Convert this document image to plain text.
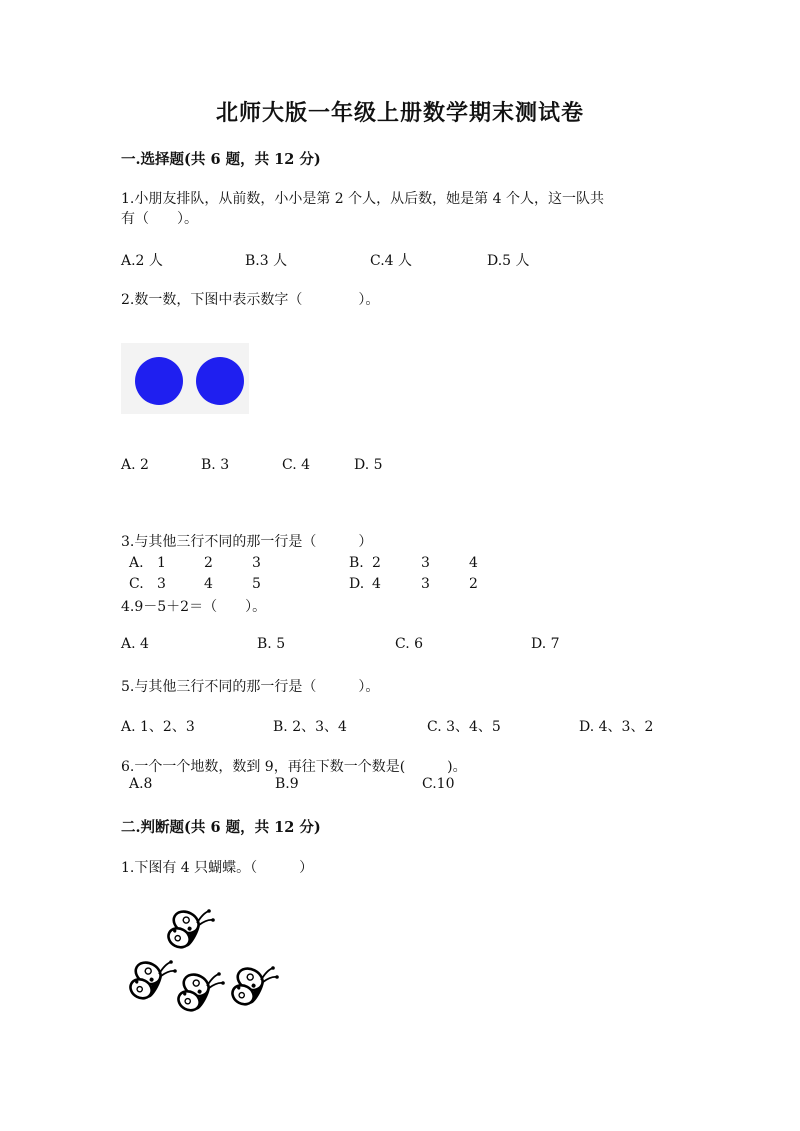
北师大版一年级上册数学期末测试卷
一.选择题(共 6 题，共 12 分)
1.小朋友排队，从前数，小小是第 2 个人，从后数，她是第 4 个人，这一队共
有（　　）。
A.2 人	B.3 人	C.4 人	D.5 人
2.数一数，下图中表示数字（　　　　）。
A. 2	B. 3	C. 4	D. 5
3.与其他三行不同的那一行是（　　　）
A. 1	2	3	B. 2	3	4
C. 3	4	5	D. 4	3	2
4.9－5＋2＝（　　）。
A. 4	B. 5	C. 6	D. 7
5.与其他三行不同的那一行是（　　　）。
A. 1、2、3	B. 2、3、4	C. 3、4、5	D. 4、3、2
6.一个一个地数，数到 9，再往下数一个数是(　　　)。
A.8	B.9	C.10
二.判断题(共 6 题，共 12 分)
1.下图有 4 只蝴蝶。（　　　）
